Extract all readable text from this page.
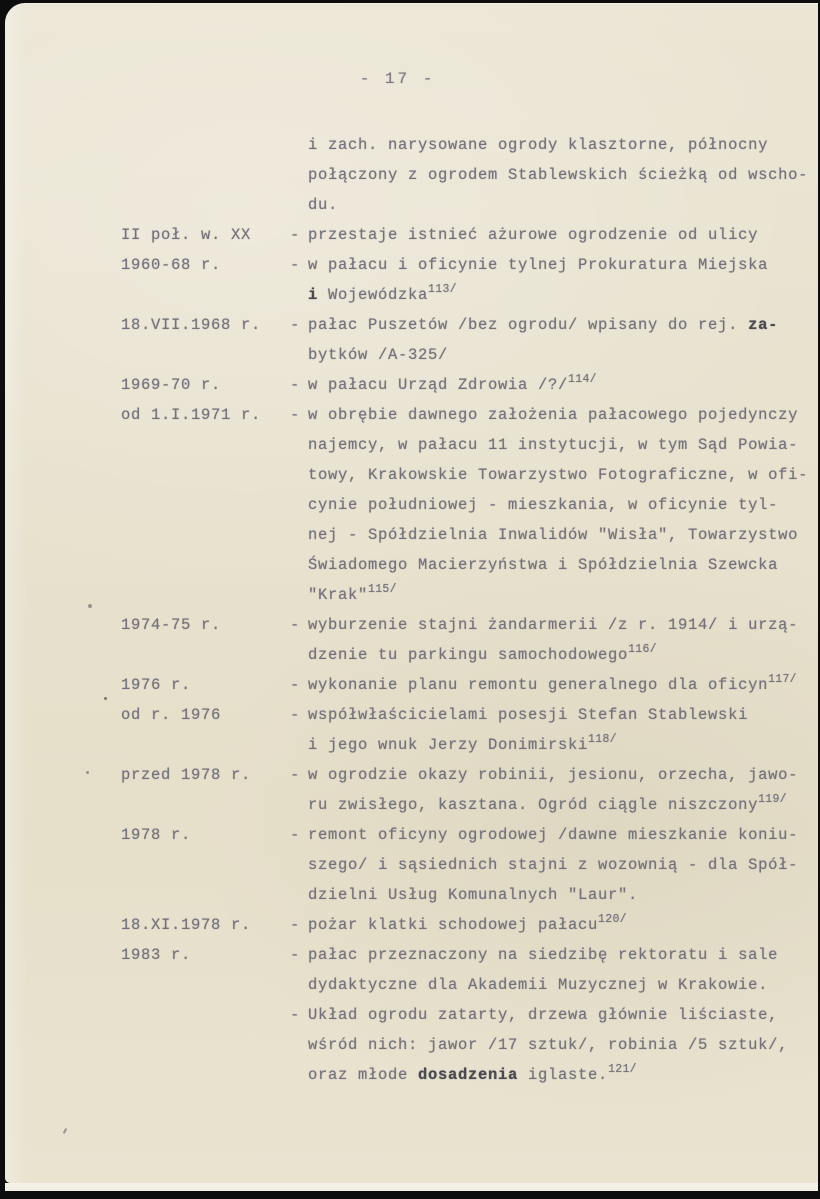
- 17 -
i zach. narysowane ogrody klasztorne, północny
połączony z ogrodem Stablewskich ścieżką od wscho-
du.
II poł. w. XX	- przestaje istnieć ażurowe ogrodzenie od ulicy
1960-68 r.	- w pałacu i oficynie tylnej Prokuratura Miejska
i Wojewódzka$^{113/}$
18.VII.1968 r.	- pałac Puszetów /bez ogrodu/ wpisany do rej. za-
bytków /A-325/
1969-70 r.	- w pałacu Urząd Zdrowia /?/$^{114/}$
od 1.I.1971 r.	- w obrębie dawnego założenia pałacowego pojedynczy
najemcy, w pałacu 11 instytucji, w tym Sąd Powia-
towy, Krakowskie Towarzystwo Fotograficzne, w ofi-
cynie południowej - mieszkania, w oficynie tyl-
nej - Spółdzielnia Inwalidów "Wisła", Towarzystwo
Świadomego Macierzyństwa i Spółdzielnia Szewcka
"Krak"$^{115/}$
1974-75 r.	- wyburzenie stajni żandarmerii /z r. 1914/ i urzą-
dzenie tu parkingu samochodowego$^{116/}$
1976 r.	- wykonanie planu remontu generalnego dla oficyn$^{117/}$
od r. 1976	- współwłaścicielami posesji Stefan Stablewski
i jego wnuk Jerzy Donimirski$^{118/}$
przed 1978 r.	- w ogrodzie okazy robinii, jesionu, orzecha, jawo-
ru zwisłego, kasztana. Ogród ciągle niszczony$^{119/}$
1978 r.	- remont oficyny ogrodowej /dawne mieszkanie koniu-
szego/ i sąsiednich stajni z wozownią - dla Spół-
dzielni Usług Komunalnych "Laur".
18.XI.1978 r.	- pożar klatki schodowej pałacu$^{120/}$
1983 r.	- pałac przeznaczony na siedzibę rektoratu i sale
dydaktyczne dla Akademii Muzycznej w Krakowie.
- Układ ogrodu zatarty, drzewa głównie liściaste,
wśród nich: jawor /17 sztuk/, robinia /5 sztuk/,
oraz młode dosadzenia iglaste.$^{121/}$
